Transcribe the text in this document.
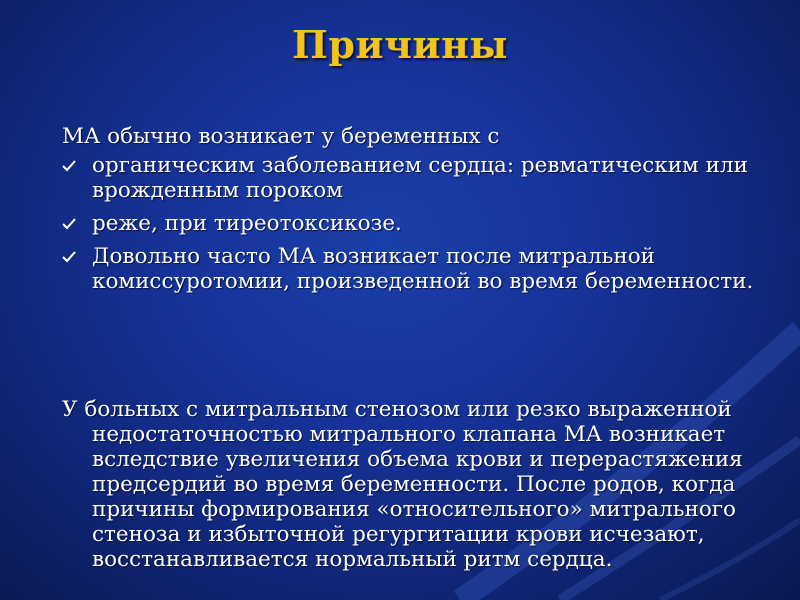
Причины
МА обычно возникает у беременных с
органическим заболеванием сердца: ревматическим или врожденным пороком
реже, при тиреотоксикозе.
Довольно часто МА возникает после митральной комиссуротомии, произведенной во время беременности.
У больных с митральным стенозом или резко выраженной недостаточностью митрального клапана МА возникает вследствие увеличения объема крови и перерастяжения предсердий во время беременности. После родов, когда причины формирования «относительного» митрального стеноза и избыточной регургитации крови исчезают, восстанавливается нормальный ритм сердца.
